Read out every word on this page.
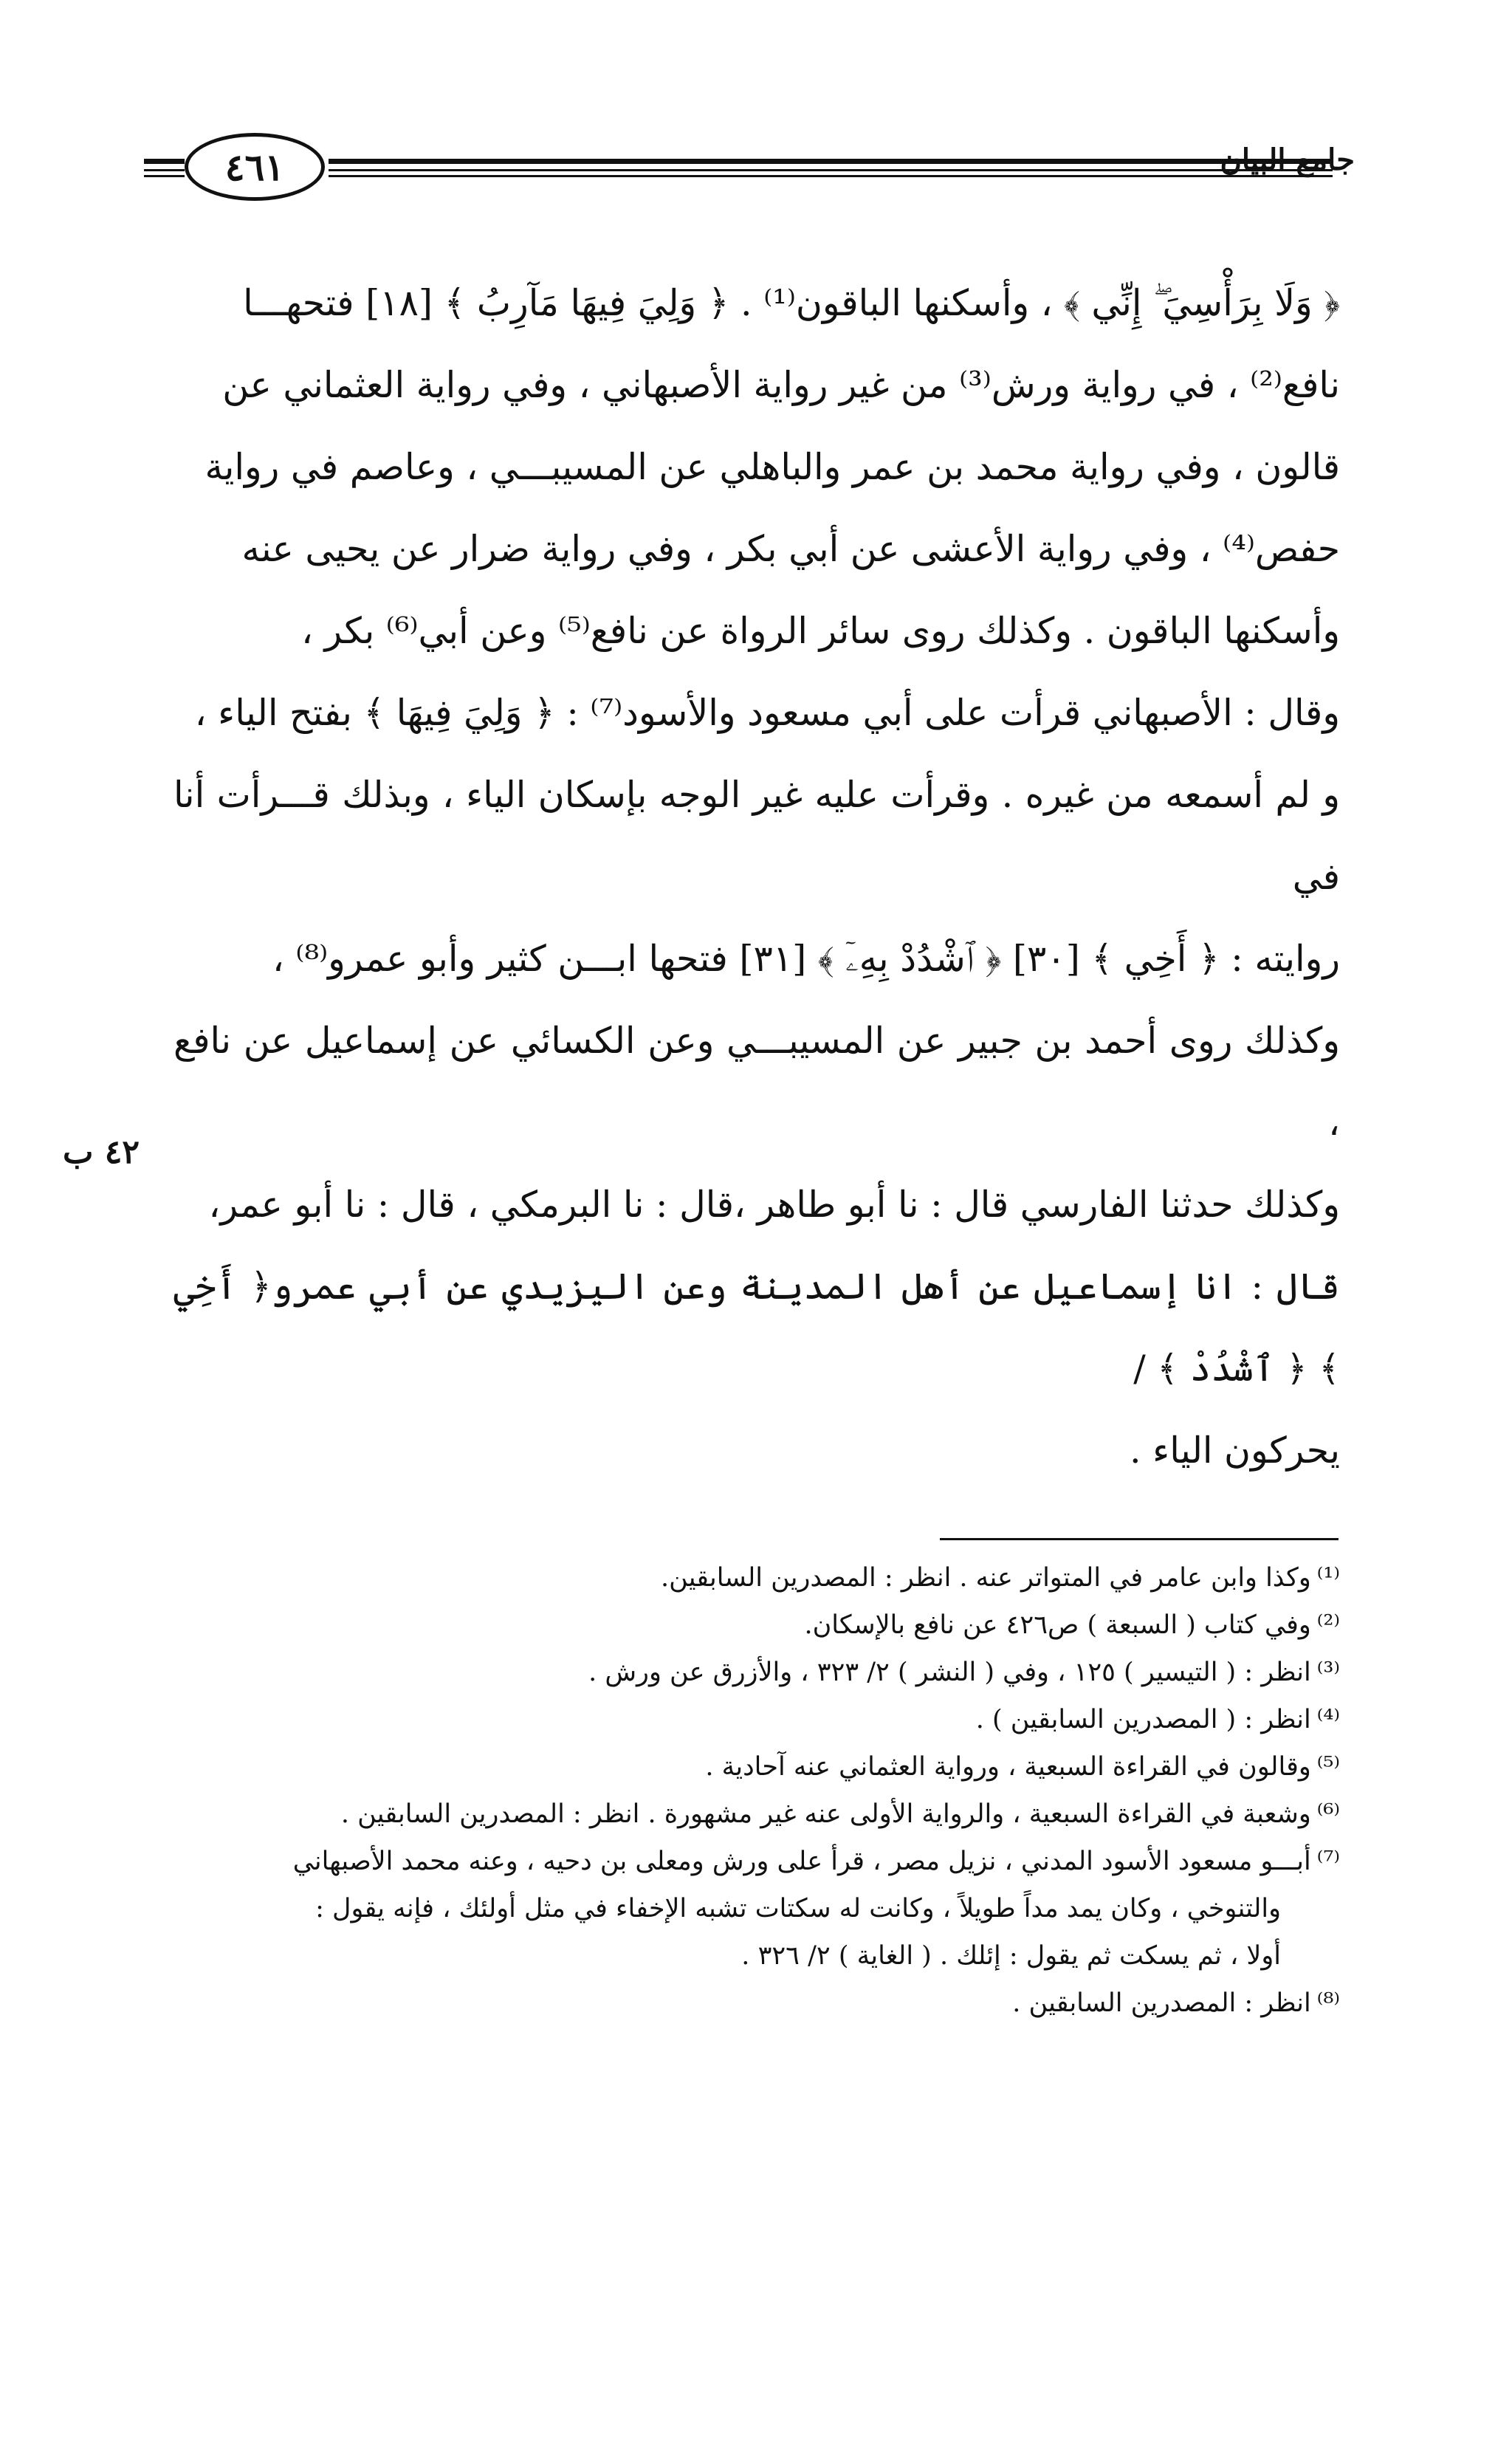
٤٦١	جامع البيان

﴿ وَلَا بِرَأْسِيَ ۖ إِنِّي ﴾ ، وأسكنها الباقون⁽¹⁾ . ﴿ وَلِيَ فِيهَا مَآرِبُ ﴾ [١٨] فتحهـــا

نافع⁽²⁾ ، في رواية ورش⁽³⁾ من غير رواية الأصبهاني ، وفي رواية العثماني عن

قالون ، وفي رواية محمد بن عمر والباهلي عن المسيبـــي ، وعاصم في رواية

حفص⁽⁴⁾ ، وفي رواية الأعشى عن أبي بكر ، وفي رواية ضرار عن يحيى عنه

وأسكنها الباقون . وكذلك روى سائر الرواة عن نافع⁽⁵⁾ وعن أبي⁽⁶⁾ بكر ،

وقال : الأصبهاني قرأت على أبي مسعود والأسود⁽⁷⁾ : ﴿ وَلِيَ فِيهَا ﴾ بفتح الياء ،

و لم أسمعه من غيره . وقرأت عليه غير الوجه بإسكان الياء ، وبذلك قـــرأت أنا في

روايته : ﴿ أَخِي ﴾ [٣٠] ﴿ ٱشْدُدْ بِهِۦٓ ﴾ [٣١] فتحها ابـــن كثير وأبو عمرو⁽⁸⁾ ،

وكذلك روى أحمد بن جبير عن المسيبـــي وعن الكسائي عن إسماعيل عن نافع ،

وكذلك حدثنا الفارسي قال : نا أبو طاهر ،قال : نا البرمكي ، قال : نا أبو عمر،

قال : انا إسماعيل عن أهل المدينة وعن اليزيدي عن أبي عمرو﴿ أَخِي ﴾ ﴿ ٱشْدُدْ ﴾ /

يحركون الياء .

٤٢ ب

⁽¹⁾وكذا وابن عامر في المتواتر عنه . انظر : المصدرين السابقين.

⁽²⁾وفي كتاب ( السبعة ) ص٤٢٦ عن نافع بالإسكان.

⁽³⁾انظر : ( التيسير ) ١٢٥ ، وفي ( النشر ) ٢/ ٣٢٣ ، والأزرق عن ورش .

⁽⁴⁾انظر : ( المصدرين السابقين ) .

⁽⁵⁾وقالون في القراءة السبعية ، ورواية العثماني عنه آحادية .

⁽⁶⁾وشعبة في القراءة السبعية ، والرواية الأولى عنه غير مشهورة . انظر : المصدرين السابقين .

⁽⁷⁾أبـــو مسعود الأسود المدني ، نزيل مصر ، قرأ على ورش ومعلى بن دحيه ، وعنه محمد الأصبهاني

والتنوخي ، وكان يمد مداً طويلاً ، وكانت له سكتات تشبه الإخفاء في مثل أولئك ، فإنه يقول :

أولا ، ثم يسكت ثم يقول : إئلك . ( الغاية ) ٢/ ٣٢٦ .

⁽⁸⁾انظر : المصدرين السابقين .
